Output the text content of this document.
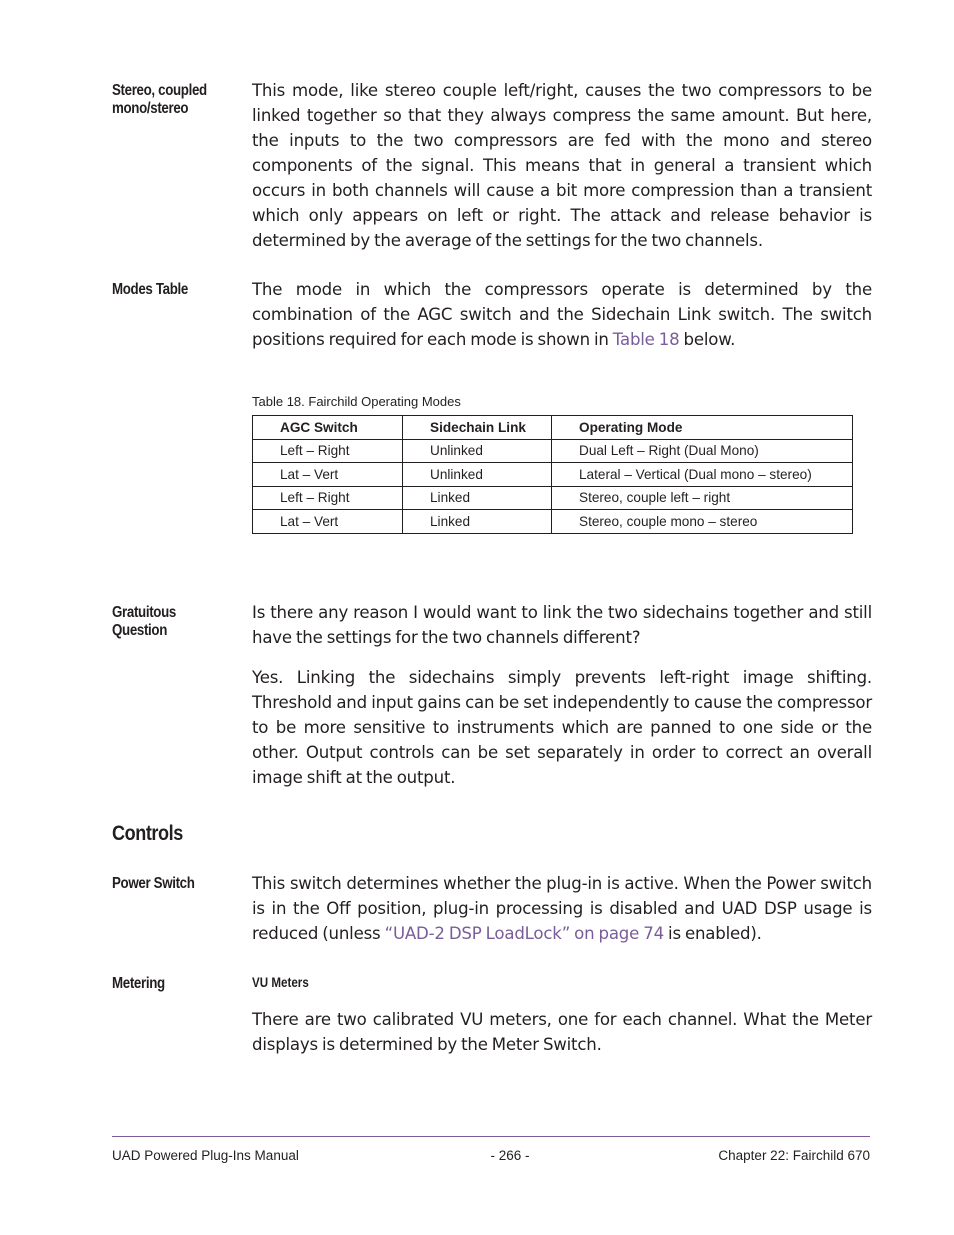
Stereo, coupled
mono/stereo
This mode, like stereo couple left/right, causes the two compressors to be linked together so that they always compress the same amount. But here, the inputs to the two compressors are fed with the mono and stereo components of the signal. This means that in general a transient which occurs in both channels will cause a bit more compression than a transient which only appears on left or right. The attack and release behavior is determined by the average of the settings for the two channels.
Modes Table	The mode in which the compressors operate is determined by the combination of the AGC switch and the Sidechain Link switch. The switch positions required for each mode is shown in Table 18 below.
Table 18. Fairchild Operating Modes
AGC Switch	Sidechain Link	Operating Mode
Left – Right	Unlinked	Dual Left – Right (Dual Mono)
Lat – Vert	Unlinked	Lateral – Vertical (Dual mono – stereo)
Left – Right	Linked	Stereo, couple left – right
Lat – Vert	Linked	Stereo, couple mono – stereo
Gratuitous
Question
Is there any reason I would want to link the two sidechains together and still have the settings for the two channels different?
Yes. Linking the sidechains simply prevents left-right image shifting. Threshold and input gains can be set independently to cause the compressor to be more sensitive to instruments which are panned to one side or the other. Output controls can be set separately in order to correct an overall image shift at the output.
Controls
Power Switch	This switch determines whether the plug-in is active. When the Power switch is in the Off position, plug-in processing is disabled and UAD DSP usage is reduced (unless “UAD-2 DSP LoadLock” on page 74 is enabled).
Metering	VU Meters
There are two calibrated VU meters, one for each channel. What the Meter displays is determined by the Meter Switch.
UAD Powered Plug-Ins Manual	- 266 -	Chapter 22: Fairchild 670
